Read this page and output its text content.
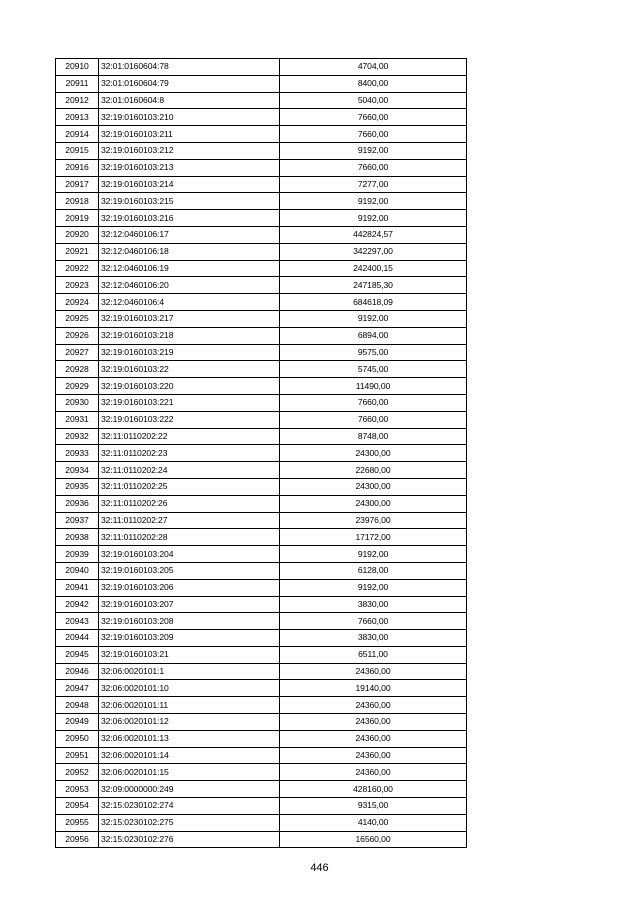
20910	32:01:0160604:78	4704,00
20911	32:01:0160604:79	8400,00
20912	32:01:0160604:8	5040,00
20913	32:19:0160103:210	7660,00
20914	32:19:0160103:211	7660,00
20915	32:19:0160103:212	9192,00
20916	32:19:0160103:213	7660,00
20917	32:19:0160103:214	7277,00
20918	32:19:0160103:215	9192,00
20919	32:19:0160103:216	9192,00
20920	32:12:0460106:17	442824,57
20921	32:12:0460106:18	342297,00
20922	32:12:0460106:19	242400,15
20923	32:12:0460106:20	247185,30
20924	32:12:0460106:4	684618,09
20925	32:19:0160103:217	9192,00
20926	32:19:0160103:218	6894,00
20927	32:19:0160103:219	9575,00
20928	32:19:0160103:22	5745,00
20929	32:19:0160103:220	11490,00
20930	32:19:0160103:221	7660,00
20931	32:19:0160103:222	7660,00
20932	32:11:0110202:22	8748,00
20933	32:11:0110202:23	24300,00
20934	32:11:0110202:24	22680,00
20935	32:11:0110202:25	24300,00
20936	32:11:0110202:26	24300,00
20937	32:11:0110202:27	23976,00
20938	32:11:0110202:28	17172,00
20939	32:19:0160103:204	9192,00
20940	32:19:0160103:205	6128,00
20941	32:19:0160103:206	9192,00
20942	32:19:0160103:207	3830,00
20943	32:19:0160103:208	7660,00
20944	32:19:0160103:209	3830,00
20945	32:19:0160103:21	6511,00
20946	32:06:0020101:1	24360,00
20947	32:06:0020101:10	19140,00
20948	32:06:0020101:11	24360,00
20949	32:06:0020101:12	24360,00
20950	32:06:0020101:13	24360,00
20951	32:06:0020101:14	24360,00
20952	32:06:0020101:15	24360,00
20953	32:09:0000000:249	428160,00
20954	32:15:0230102:274	9315,00
20955	32:15:0230102:275	4140,00
20956	32:15:0230102:276	16560,00
446
